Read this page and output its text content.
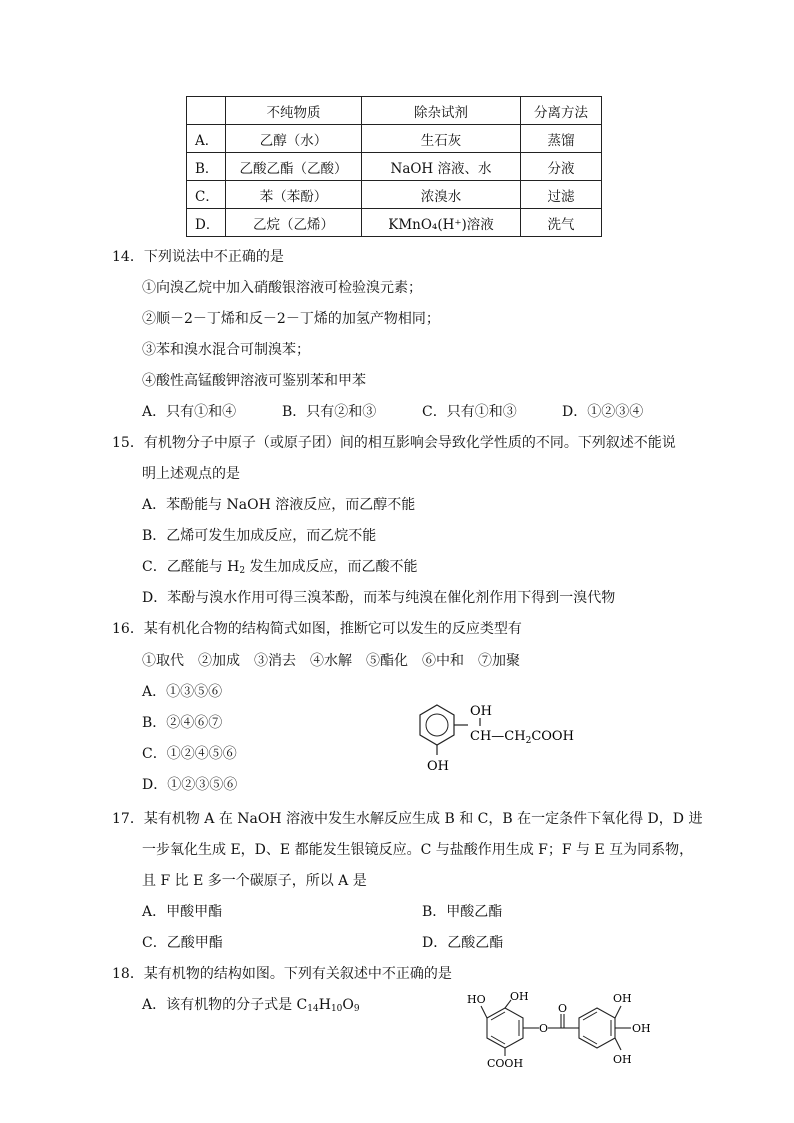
	不纯物质	除杂试剂	分离方法
A．	乙醇（水）	生石灰	蒸馏
B．	乙酸乙酯（乙酸）	NaOH 溶液、水	分液
C．	苯（苯酚）	浓溴水	过滤
D．	乙烷（乙烯）	KMnO₄(H⁺)溶液	洗气
14．下列说法中不正确的是
①向溴乙烷中加入硝酸银溶液可检验溴元素；
②顺－2－丁烯和反－2－丁烯的加氢产物相同；
③苯和溴水混合可制溴苯；
④酸性高锰酸钾溶液可鉴别苯和甲苯
A．只有①和④	B．只有②和③	C．只有①和③	D．①②③④
15．有机物分子中原子（或原子团）间的相互影响会导致化学性质的不同。下列叙述不能说
明上述观点的是
A．苯酚能与 NaOH 溶液反应，而乙醇不能
B．乙烯可发生加成反应，而乙烷不能
C．乙醛能与 $H_2$ 发生加成反应，而乙酸不能
D．苯酚与溴水作用可得三溴苯酚，而苯与纯溴在催化剂作用下得到一溴代物
16．某有机化合物的结构简式如图，推断它可以发生的反应类型有
①取代　②加成　③消去　④水解　⑤酯化　⑥中和　⑦加聚
A．①③⑤⑥
B．②④⑥⑦
C．①②④⑤⑥
D．①②③⑤⑥
OH
OH
$CH—CH_2COOH$
17．某有机物 A 在 NaOH 溶液中发生水解反应生成 B 和 C，B 在一定条件下氧化得 D，D 进
一步氧化生成 E，D、E 都能发生银镜反应。C 与盐酸作用生成 F；F 与 E 互为同系物，
且 F 比 E 多一个碳原子，所以 A 是
A．甲酸甲酯	B．甲酸乙酯
C．乙酸甲酯	D．乙酸乙酯
18．某有机物的结构如图。下列有关叙述中不正确的是
A．该有机物的分子式是 $C_{14}H_{10}O_9$
HO OH
COOH
O
O
OH
OH
OH
